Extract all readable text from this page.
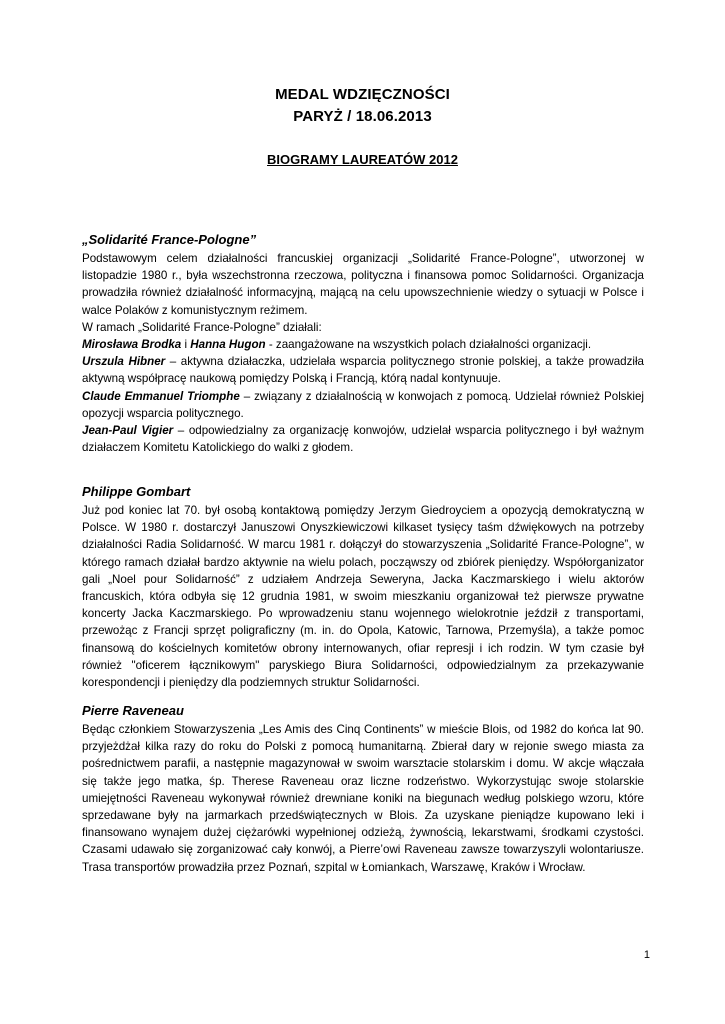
MEDAL WDZIĘCZNOŚCI
PARYŻ / 18.06.2013
BIOGRAMY LAUREATÓW 2012
„Solidarité France-Pologne”

Podstawowym celem działalności francuskiej organizacji „Solidarité France-Pologne”, utworzonej w listopadzie 1980 r., była wszechstronna rzeczowa, polityczna i finansowa pomoc Solidarności. Organizacja prowadziła również działalność informacyjną, mającą na celu upowszechnienie wiedzy o sytuacji w Polsce i walce Polaków z komunistycznym reżimem.

W ramach „Solidarité France-Pologne” działali:

Mirosława Brodka i Hanna Hugon - zaangażowane na wszystkich polach działalności organizacji.

Urszula Hibner – aktywna działaczka, udzielała wsparcia politycznego stronie polskiej, a także prowadziła aktywną współpracę naukową pomiędzy Polską i Francją, którą nadal kontynuuje.

Claude Emmanuel Triomphe – związany z działalnością w konwojach z pomocą. Udzielał również Polskiej opozycji wsparcia politycznego.

Jean-Paul Vigier – odpowiedzialny za organizację konwojów, udzielał wsparcia politycznego i był ważnym działaczem Komitetu Katolickiego do walki z głodem.

Philippe Gombart

Już pod koniec lat 70. był osobą kontaktową pomiędzy Jerzym Giedroyciem a opozycją demokratyczną w Polsce. W 1980 r. dostarczył Januszowi Onyszkiewiczowi kilkaset tysięcy taśm dźwiękowych na potrzeby działalności Radia Solidarność. W marcu 1981 r. dołączył do stowarzyszenia „Solidarité France-Pologne”, w którego ramach działał bardzo aktywnie na wielu polach, począwszy od zbiórek pieniędzy. Współorganizator gali „Noel pour Solidarność” z udziałem Andrzeja Seweryna, Jacka Kaczmarskiego i wielu aktorów francuskich, która odbyła się 12 grudnia 1981, w swoim mieszkaniu organizował też pierwsze prywatne koncerty Jacka Kaczmarskiego. Po wprowadzeniu stanu wojennego wielokrotnie jeździł z transportami, przewożąc z Francji sprzęt poligraficzny (m. in. do Opola, Katowic, Tarnowa, Przemyśla), a także pomoc finansową do kościelnych komitetów obrony internowanych, ofiar represji i ich rodzin. W tym czasie był również "oficerem łącznikowym" paryskiego Biura Solidarności, odpowiedzialnym za przekazywanie korespondencji i pieniędzy dla podziemnych struktur Solidarności.

Pierre Raveneau

Będąc członkiem Stowarzyszenia „Les Amis des Cinq Continents” w mieście Blois, od 1982 do końca lat 90. przyjeżdżał kilka razy do roku do Polski z pomocą humanitarną. Zbierał dary w rejonie swego miasta za pośrednictwem parafii, a następnie magazynował w swoim warsztacie stolarskim i domu. W akcje włączała się także jego matka, śp. Therese Raveneau oraz liczne rodzeństwo. Wykorzystując swoje stolarskie umiejętności Raveneau wykonywał również drewniane koniki na biegunach według polskiego wzoru, które sprzedawane były na jarmarkach przedświątecznych w Blois. Za uzyskane pieniądze kupowano leki i finansowano wynajem dużej ciężarówki wypełnionej odzieżą, żywnością, lekarstwami, środkami czystości. Czasami udawało się zorganizować cały konwój, a Pierre’owi Raveneau zawsze towarzyszyli wolontariusze. Trasa transportów prowadziła przez Poznań, szpital w Łomiankach, Warszawę, Kraków i Wrocław.

1
